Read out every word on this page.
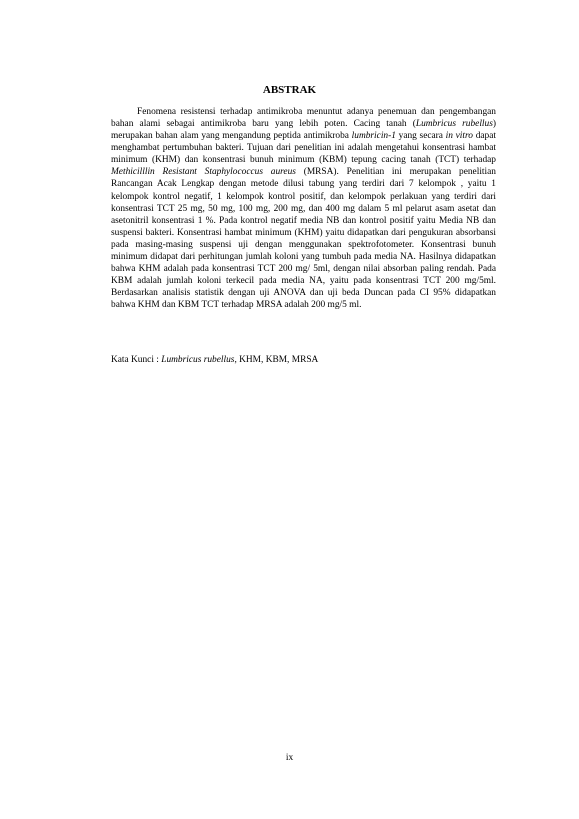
ABSTRAK

Fenomena resistensi terhadap antimikroba menuntut adanya penemuan dan pengembangan bahan alami sebagai antimikroba baru yang lebih poten. Cacing tanah (Lumbricus rubellus) merupakan bahan alam yang mengandung peptida antimikroba lumbricin-1 yang secara in vitro dapat menghambat pertumbuhan bakteri. Tujuan dari penelitian ini adalah mengetahui konsentrasi hambat minimum (KHM) dan konsentrasi bunuh minimum (KBM) tepung cacing tanah (TCT) terhadap Methicilllin Resistant Staphylococcus aureus (MRSA). Penelitian ini merupakan penelitian Rancangan Acak Lengkap dengan metode dilusi tabung yang terdiri dari 7 kelompok , yaitu 1 kelompok kontrol negatif, 1 kelompok kontrol positif, dan kelompok perlakuan yang terdiri dari konsentrasi TCT 25 mg, 50 mg, 100 mg, 200 mg, dan 400 mg dalam 5 ml pelarut asam asetat dan asetonitril konsentrasi 1 %. Pada kontrol negatif media NB dan kontrol positif yaitu Media NB dan suspensi bakteri. Konsentrasi hambat minimum (KHM) yaitu didapatkan dari pengukuran absorbansi pada masing-masing suspensi uji dengan menggunakan spektrofotometer. Konsentrasi bunuh minimum didapat dari perhitungan jumlah koloni yang tumbuh pada media NA. Hasilnya didapatkan bahwa KHM adalah pada konsentrasi TCT 200 mg/ 5ml, dengan nilai absorban paling rendah. Pada KBM adalah jumlah koloni terkecil pada media NA, yaitu pada konsentrasi TCT 200 mg/5ml. Berdasarkan analisis statistik dengan uji ANOVA dan uji beda Duncan pada CI 95% didapatkan bahwa KHM dan KBM TCT terhadap MRSA adalah 200 mg/5 ml.

Kata Kunci : Lumbricus rubellus, KHM, KBM, MRSA

ix
